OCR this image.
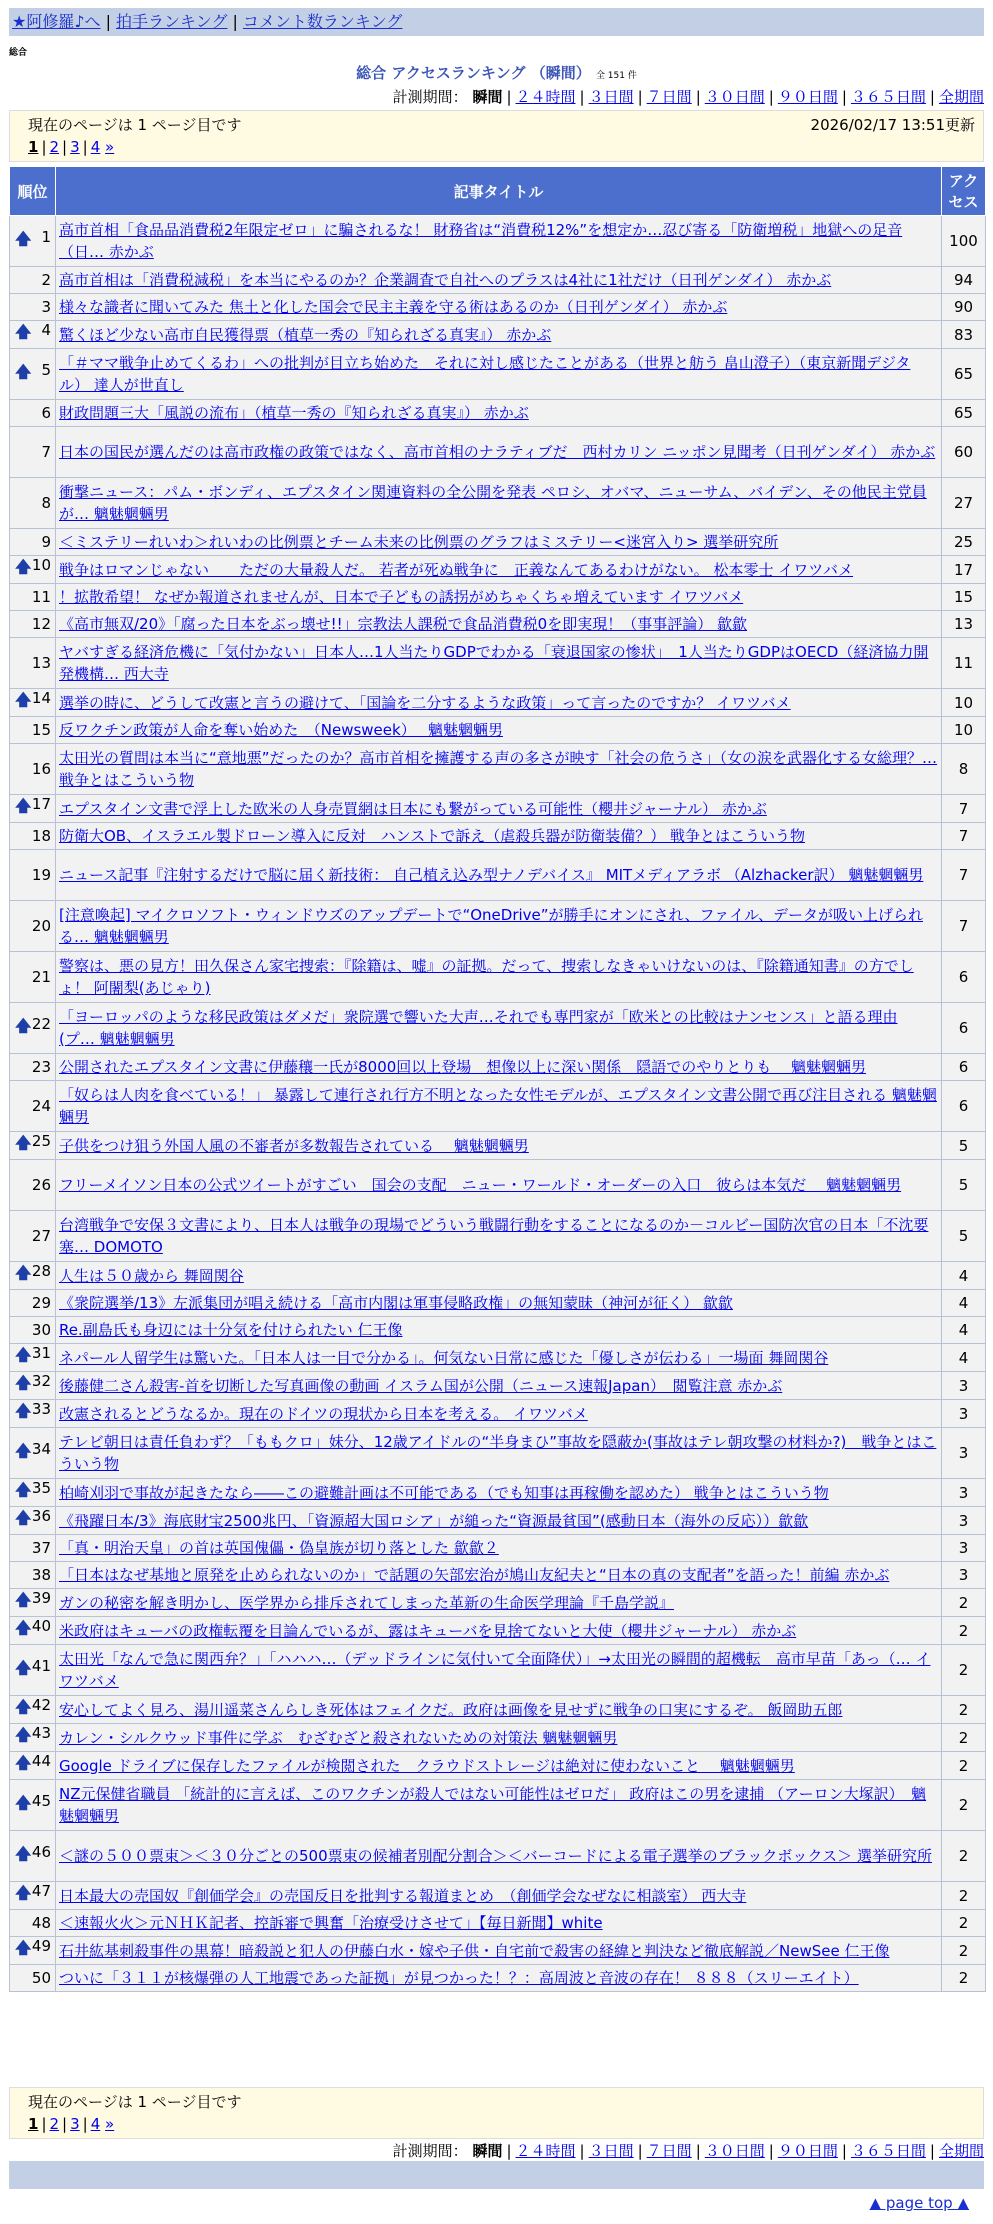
★阿修羅♪へ | 拍手ランキング | コメント数ランキング
総合
総合 アクセスランキング （瞬間） 全 151 件
計測期間： 瞬間 | ２４時間 | ３日間 | ７日間 | ３０日間 | ９０日間 | ３６５日間 | 全期間
現在のページは 1 ページ目です	2026/02/17 13:51更新
1 | 2 | 3 | 4 »
順位	記事タイトル	アクセス

🡅 1	高市首相「食品品消費税2年限定ゼロ」に騙されるな！ 財務省は“消費税12%”を想定か…忍び寄る「防衛増税」地獄への足音（日… 赤かぶ	100
2	高市首相は「消費税減税」を本当にやるのか？企業調査で自社へのプラスは4社に1社だけ（日刊ゲンダイ） 赤かぶ	94
3	様々な識者に聞いてみた 焦土と化した国会で民主主義を守る術はあるのか（日刊ゲンダイ） 赤かぶ	90

🡅 4	驚くほど少ない高市自民獲得票（植草一秀の『知られざる真実』） 赤かぶ	83

🡅 5	「＃ママ戦争止めてくるわ」への批判が目立ち始めた　それに対し感じたことがある（世界と舫う 畠山澄子）（東京新聞デジタル） 達人が世直し	65
6	財政問題三大「風説の流布」（植草一秀の『知られざる真実』） 赤かぶ	65
7	日本の国民が選んだのは高市政権の政策ではなく、高市首相のナラティブだ　西村カリン ニッポン見聞考（日刊ゲンダイ） 赤かぶ	60
8	衝撃ニュース：パム・ボンディ、エプスタイン関連資料の全公開を発表 ペロシ、オバマ、ニューサム、バイデン、その他民主党員が… 魑魅魍魎男	27
9	＜ミステリーれいわ＞れいわの比例票とチーム未来の比例票のグラフはミステリー<迷宮入り> 選挙研究所	25

🡅 10	戦争はロマンじゃない　　ただの大量殺人だ。 若者が死ぬ戦争に　正義なんてあるわけがない。 松本零士 イワツバメ	17
11	！拡散希望！ なぜか報道されませんが、日本で子どもの誘拐がめちゃくちゃ増えています イワツバメ	15
12	《高市無双/20》「腐った日本をぶっ壊せ!!」宗教法人課税で食品消費税0を即実現！（事事評論） 歙歙	13
13	ヤバすぎる経済危機に「気付かない」日本人…1人当たりGDPでわかる「衰退国家の惨状」　1人当たりGDPはOECD（経済協力開発機構… 西大寺	11

🡅 14	選挙の時に、どうして改憲と言うの避けて、「国論を二分するような政策」って言ったのですか？ イワツバメ	10
15	反ワクチン政策が人命を奪い始めた　（Newsweek）　 魑魅魍魎男	10
16	太田光の質問は本当に“意地悪”だったのか？高市首相を擁護する声の多さが映す「社会の危うさ」（女の涙を武器化する女総理？… 戦争とはこういう物	8

🡅 17	エプスタイン文書で浮上した欧米の人身売買網は日本にも繋がっている可能性（櫻井ジャーナル） 赤かぶ	7
18	防衛大OB、イスラエル製ドローン導入に反対　ハンストで訴え（虐殺兵器が防衛装備？） 戦争とはこういう物	7
19	ニュース記事『注射するだけで脳に届く新技術： 自己植え込み型ナノデバイス』 MITメディアラボ （Alzhacker訳） 魑魅魍魎男	7
20	[注意喚起] マイクロソフト・ウィンドウズのアップデートで“OneDrive”が勝手にオンにされ、ファイル、データが吸い上げられる… 魑魅魍魎男	7
21	警察は、悪の見方！田久保さん家宅捜索：『除籍は、嘘』の証拠。だって、捜索しなきゃいけないのは、『除籍通知書』の方でしょ！ 阿闍梨(あじゃり)	6

🡅 22	「ヨーロッパのような移民政策はダメだ」衆院選で響いた大声…それでも専門家が「欧米との比較はナンセンス」と語る理由 (プ… 魑魅魍魎男	6
23	公開されたエプスタイン文書に伊藤穰一氏が8000回以上登場　想像以上に深い関係　隠語でのやりとりも　 魑魅魍魎男	6
24	「奴らは人肉を食べている！」 暴露して連行され行方不明となった女性モデルが、エプスタイン文書公開で再び注目される 魑魅魍魎男	6

🡅 25	子供をつけ狙う外国人風の不審者が多数報告されている　 魑魅魍魎男	5
26	フリーメイソン日本の公式ツイートがすごい　国会の支配　ニュー・ワールド・オーダーの入口　彼らは本気だ　 魑魅魍魎男	5
27	台湾戦争で安保３文書により、日本人は戦争の現場でどういう戦闘行動をすることになるのか－コルビー国防次官の日本「不沈要塞… DOMOTO	5

🡅 28	人生は５０歳から 舞岡関谷	4
29	《衆院選挙/13》左派集団が唱え続ける「高市内閣は軍事侵略政権」の無知蒙昧（神河が征く） 歙歙	4
30	Re.副島氏も身辺には十分気を付けられたい 仁王像	4

🡅 31	ネパール人留学生は驚いた。「日本人は一目で分かる」。何気ない日常に感じた「優しさが伝わる」一場面 舞岡関谷	4

🡅 32	後藤健二さん殺害-首を切断した写真画像の動画 イスラム国が公開（ニュース速報Japan）　閲覧注意 赤かぶ	3

🡅 33	改憲されるとどうなるか。現在のドイツの現状から日本を考える。 イワツバメ	3

🡅 34	テレビ朝日は責任負わず？「ももクロ」妹分、12歳アイドルの“半身まひ”事故を隠蔽か(事故はテレ朝攻撃の材料か?)　戦争とはこういう物	3

🡅 35	柏崎刈羽で事故が起きたなら――この避難計画は不可能である（でも知事は再稼働を認めた） 戦争とはこういう物	3

🡅 36	《飛躍日本/3》海底財宝2500兆円、「資源超大国ロシア」が縋った“資源最貧国”(感動日本（海外の反応））歙歙	3
37	「真・明治天皇」の首は英国傀儡・偽皇族が切り落とした 歙歙２	3
38	「日本はなぜ基地と原発を止められないのか」で話題の矢部宏治が鳩山友紀夫と“日本の真の支配者”を語った！前編 赤かぶ	3

🡅 39	ガンの秘密を解き明かし、医学界から排斥されてしまった革新の生命医学理論『千島学説』	2

🡅 40	米政府はキューバの政権転覆を目論んでいるが、露はキューバを見捨てないと大使（櫻井ジャーナル） 赤かぶ	2

🡅 41	太田光「なんで急に関西弁？」「ハハハ…（デッドラインに気付いて全面降伏）」→太田光の瞬間的超機転　高市早苗「あっ（… イワツバメ	2

🡅 42	安心してよく見ろ、湯川遥菜さんらしき死体はフェイクだ。政府は画像を見せずに戦争の口実にするぞ。 飯岡助五郎	2

🡅 43	カレン・シルクウッド事件に学ぶ　むざむざと殺されないための対策法 魑魅魍魎男	2

🡅 44	Google ドライブに保存したファイルが検閲された　クラウドストレージは絶対に使わないこと　 魑魅魍魎男	2

🡅 45	NZ元保健省職員 「統計的に言えば、このワクチンが殺人ではない可能性はゼロだ」 政府はこの男を逮捕 （アーロン大塚訳）　魑魅魍魎男	2

🡅 46	＜謎の５００票束＞＜３０分ごとの500票束の候補者別配分割合＞＜バーコードによる電子選挙のブラックボックス＞ 選挙研究所	2

🡅 47	日本最大の売国奴『創価学会』の売国反日を批判する報道まとめ　（創価学会なぜなに相談室） 西大寺	2
48	＜速報火火＞元ＮＨＫ記者、控訴審で興奮「治療受けさせて」【毎日新聞】white	2

🡅 49	石井紘基刺殺事件の黒幕！暗殺説と犯人の伊藤白水・嫁や子供・自宅前で殺害の経緯と判決など徹底解説／NewSee 仁王像	2
50	ついに「３１１が核爆弾の人工地震であった証拠」が見つかった！？：高周波と音波の存在！ ８８８（スリーエイト）	2
現在のページは 1 ページ目です
1 | 2 | 3 | 4 »
計測期間： 瞬間 | ２４時間 | ３日間 | ７日間 | ３０日間 | ９０日間 | ３６５日間 | 全期間
▲ page top ▲
